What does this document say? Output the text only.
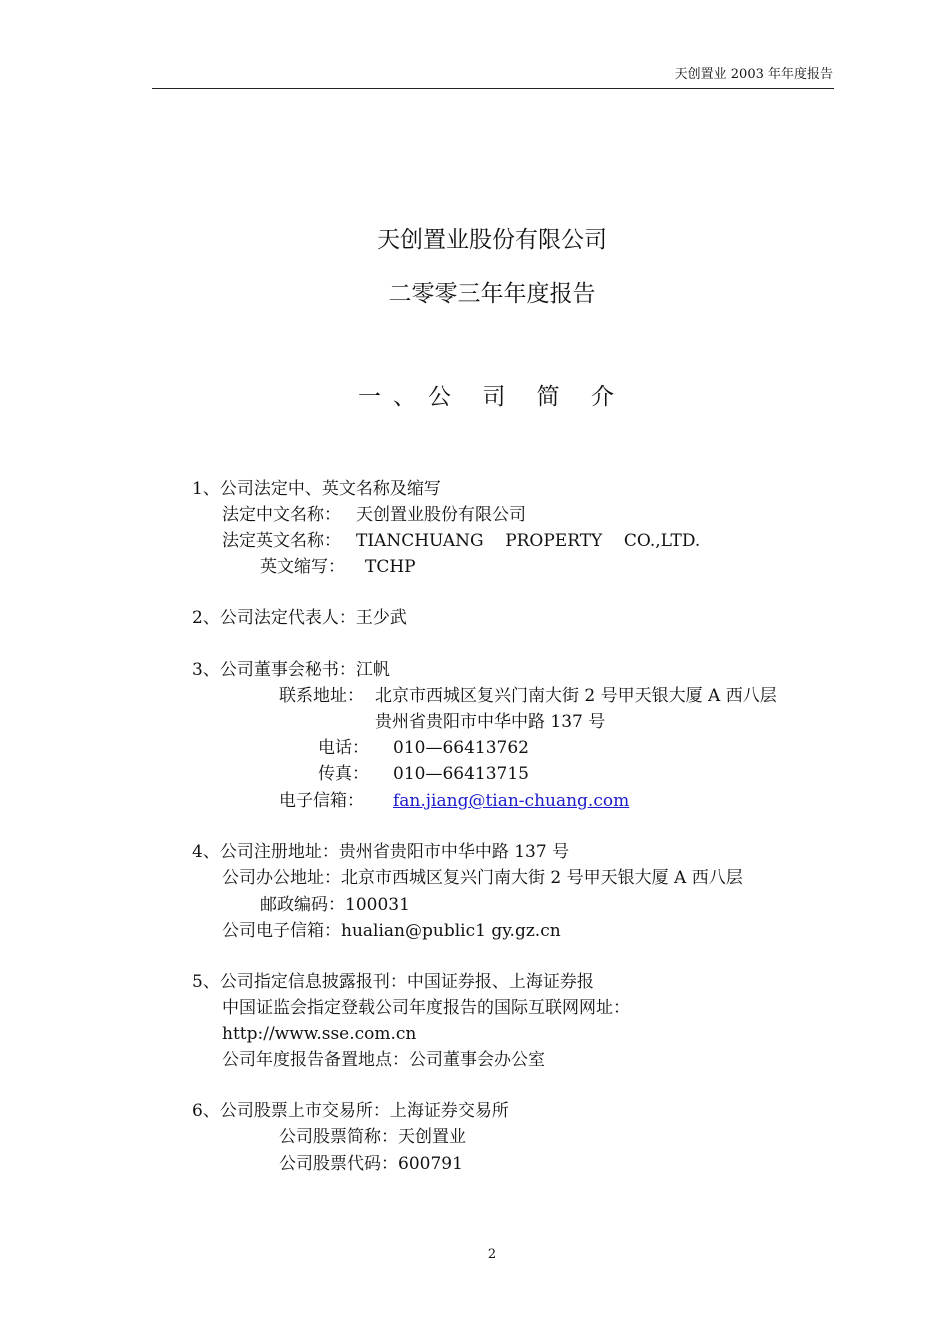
天创置业 2003 年年度报告
天创置业股份有限公司
二零零三年年度报告
一、公 司 简 介
1、公司法定中、英文名称及缩写
法定中文名称： 天创置业股份有限公司
法定英文名称： TIANCHUANG    PROPERTY    CO.,LTD.
英文缩写： TCHP
2、公司法定代表人：王少武
3、公司董事会秘书：江帆
联系地址： 北京市西城区复兴门南大街 2 号甲天银大厦 A 西八层
贵州省贵阳市中华中路 137 号
电话： 010—66413762
传真： 010—66413715
电子信箱： fan.jiang@tian-chuang.com
4、公司注册地址：贵州省贵阳市中华中路 137 号
公司办公地址：北京市西城区复兴门南大街 2 号甲天银大厦 A 西八层
邮政编码：100031
公司电子信箱：hualian@public1 gy.gz.cn
5、公司指定信息披露报刊：中国证券报、上海证券报
中国证监会指定登载公司年度报告的国际互联网网址：
http://www.sse.com.cn
公司年度报告备置地点：公司董事会办公室
6、公司股票上市交易所：上海证券交易所
公司股票简称：天创置业
公司股票代码：600791
2
